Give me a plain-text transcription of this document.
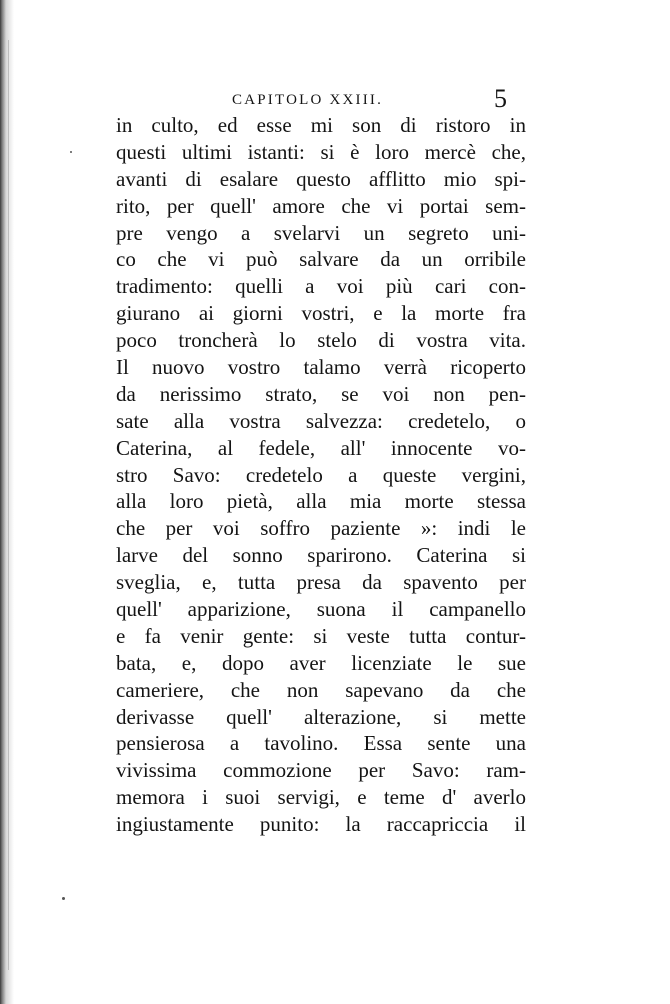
CAPITOLO XXIII.	5
in culto, ed esse mi son di ristoro in
questi ultimi istanti: si è loro mercè che,
avanti di esalare questo afflitto mio spi-
rito, per quell' amore che vi portai sem-
pre vengo a svelarvi un segreto uni-
co che vi può salvare da un orribile
tradimento: quelli a voi più cari con-
giurano ai giorni vostri, e la morte fra
poco troncherà lo stelo di vostra vita.
Il nuovo vostro talamo verrà ricoperto
da nerissimo strato, se voi non pen-
sate alla vostra salvezza: credetelo, o
Caterina, al fedele, all' innocente vo-
stro Savo: credetelo a queste vergini,
alla loro pietà, alla mia morte stessa
che per voi soffro paziente »: indi le
larve del sonno sparirono. Caterina si
sveglia, e, tutta presa da spavento per
quell' apparizione, suona il campanello
e fa venir gente: si veste tutta contur-
bata, e, dopo aver licenziate le sue
cameriere, che non sapevano da che
derivasse quell' alterazione, si mette
pensierosa a tavolino. Essa sente una
vivissima commozione per Savo: ram-
memora i suoi servigi, e teme d' averlo
ingiustamente punito: la raccapriccia il
